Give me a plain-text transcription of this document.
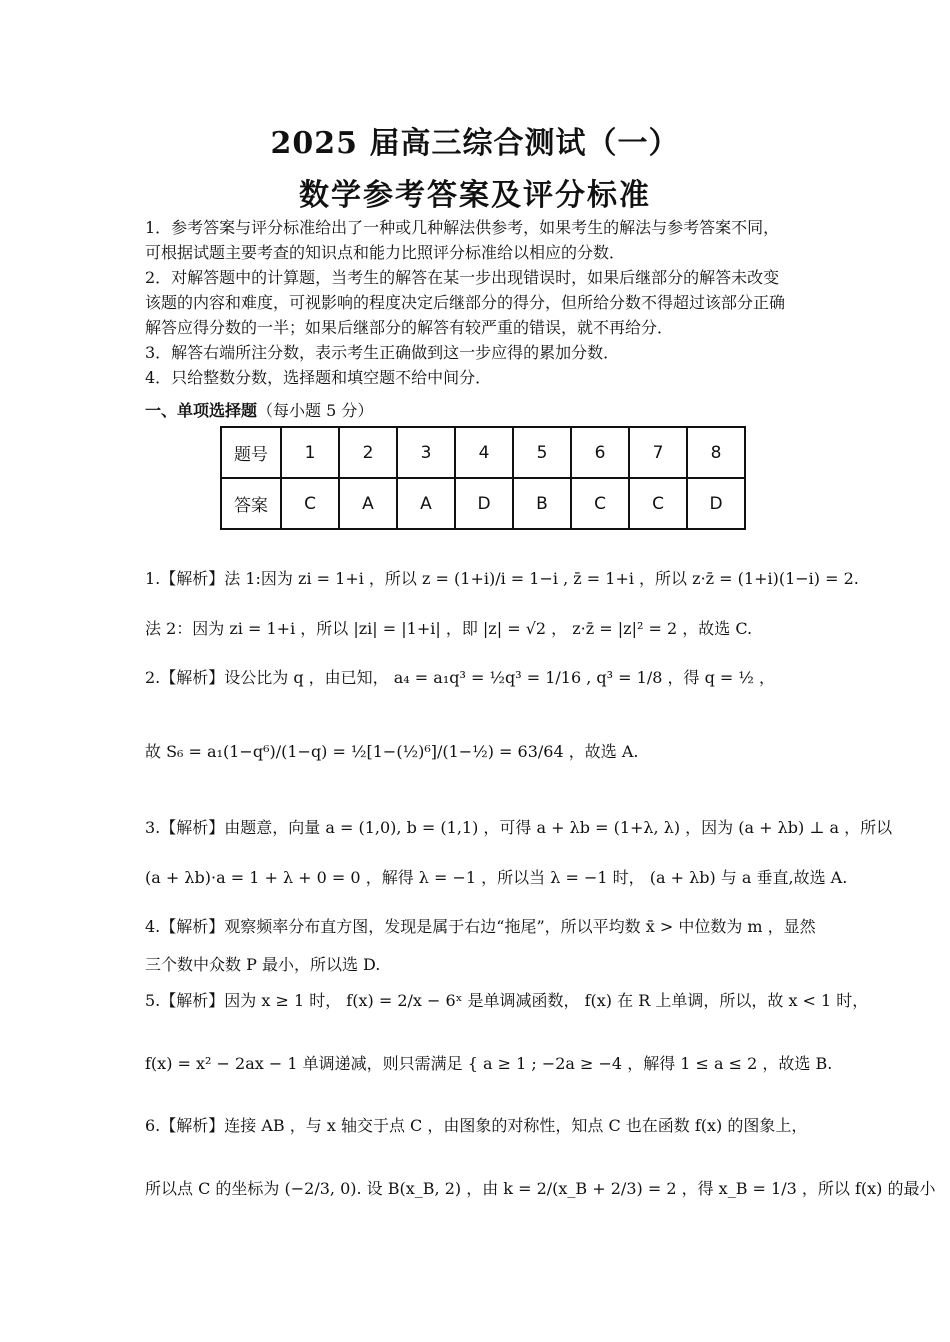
2025 届高三综合测试（一）
数学参考答案及评分标准
1．参考答案与评分标准给出了一种或几种解法供参考，如果考生的解法与参考答案不同，
可根据试题主要考查的知识点和能力比照评分标准给以相应的分数．
2．对解答题中的计算题，当考生的解答在某一步出现错误时，如果后继部分的解答未改变
该题的内容和难度，可视影响的程度决定后继部分的得分，但所给分数不得超过该部分正确
解答应得分数的一半；如果后继部分的解答有较严重的错误，就不再给分．
3．解答右端所注分数，表示考生正确做到这一步应得的累加分数．
4．只给整数分数，选择题和填空题不给中间分．
一、单项选择题（每小题 5 分）
题号	1	2	3	4	5	6	7	8
答案	C	A	A	D	B	C	C	D
1.【解析】法 1:因为 zi = 1+i ，所以 z = (1+i)/i = 1−i , z̄ = 1+i ，所以 z·z̄ = (1+i)(1−i) = 2.
法 2：因为 zi = 1+i ，所以 |zi| = |1+i| ，即 |z| = √2 ， z·z̄ = |z|² = 2 ，故选 C.
2.【解析】设公比为 q ，由已知， a₄ = a₁q³ = ½q³ = 1/16 , q³ = 1/8 ，得 q = ½ ，
故 S₆ = a₁(1−q⁶)/(1−q) = ½[1−(½)⁶]/(1−½) = 63/64 ，故选 A.
3.【解析】由题意，向量 a = (1,0), b = (1,1) ，可得 a + λb = (1+λ, λ) ，因为 (a + λb) ⊥ a ，所以
(a + λb)·a = 1 + λ + 0 = 0 ，解得 λ = −1 ，所以当 λ = −1 时， (a + λb) 与 a 垂直,故选 A.
4.【解析】观察频率分布直方图，发现是属于右边“拖尾”，所以平均数 x̄ > 中位数为 m ，显然
三个数中众数 P 最小，所以选 D.
5.【解析】因为 x ≥ 1 时， f(x) = 2/x − 6ˣ 是单调减函数， f(x) 在 R 上单调，所以，故 x < 1 时，
f(x) = x² − 2ax − 1 单调递减，则只需满足 { a ≥ 1 ; −2a ≥ −4 ，解得 1 ≤ a ≤ 2 ，故选 B.
6.【解析】连接 AB ，与 x 轴交于点 C ，由图象的对称性，知点 C 也在函数 f(x) 的图象上，
所以点 C 的坐标为 (−2/3, 0). 设 B(x_B, 2) ，由 k = 2/(x_B + 2/3) = 2 ，得 x_B = 1/3 ，所以 f(x) 的最小
